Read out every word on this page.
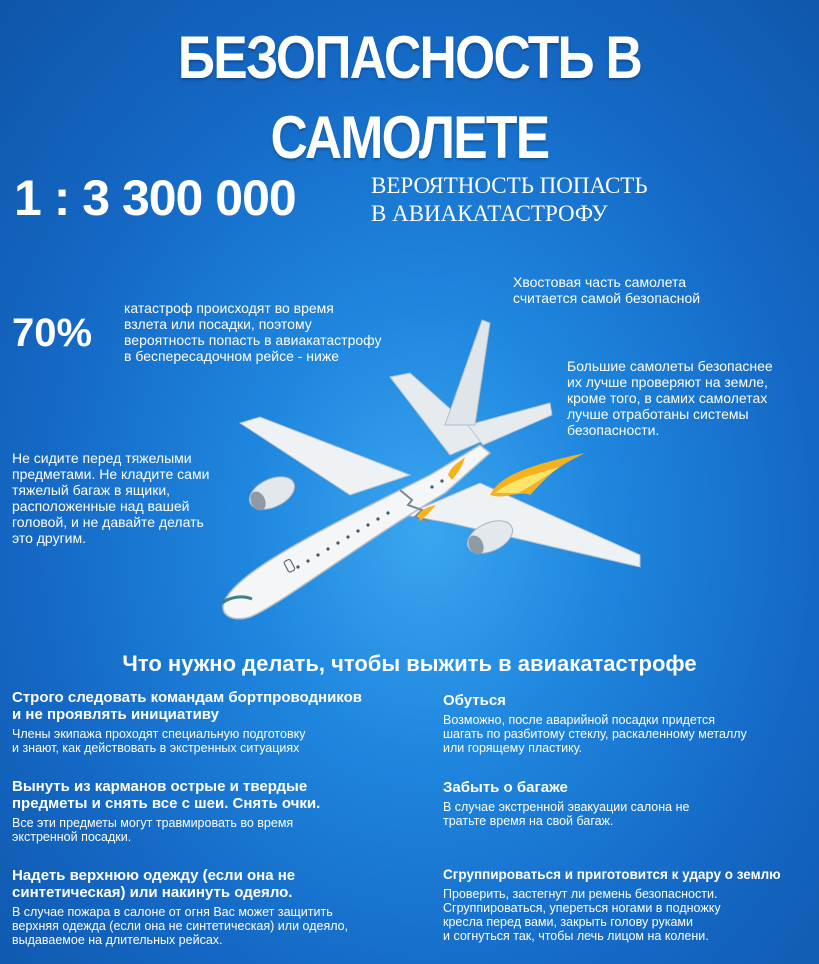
БЕЗОПАСНОСТЬ В САМОЛЕТЕ
1 : 3 300 000	ВЕРОЯТНОСТЬ ПОПАСТЬ
В АВИАКАТАСТРОФУ
70%
катастроф происходят во время
взлета или посадки, поэтому
вероятность попасть в авиакатастрофу
в беспересадочном рейсе - ниже
Хвостовая часть самолета
считается самой безопасной
Большие самолеты безопаснее
их лучше проверяют на земле,
кроме того, в самих самолетах
лучше отработаны системы
безопасности.
Не сидите перед тяжелыми
предметами. Не кладите сами
тяжелый багаж в ящики,
расположенные над вашей
головой, и не давайте делать
это другим.
Что нужно делать, чтобы выжить в авиакатастрофе
Строго следовать командам бортпроводников
и не проявлять инициативу
Члены экипажа проходят специальную подготовку
и знают, как действовать в экстренных ситуациях
Вынуть из карманов острые и твердые
предметы и снять все с шеи. Снять очки.
Все эти предметы могут травмировать во время
экстренной посадки.
Надеть верхнюю одежду (если она не
синтетическая) или накинуть одеяло.
В случае пожара в салоне от огня Вас может защитить
верхняя одежда (если она не синтетическая) или одеяло,
выдаваемое на длительных рейсах.
Обуться
Возможно, после аварийной посадки придется
шагать по разбитому стеклу, раскаленному металлу
или горящему пластику.
Забыть о багаже
В случае экстренной эвакуации салона не
тратьте время на свой багаж.
Сгруппироваться и приготовится к удару о землю
Проверить, застегнут ли ремень безопасности.
Сгруппироваться, упереться ногами в подножку
кресла перед вами, закрыть голову руками
и согнуться так, чтобы лечь лицом на колени.
